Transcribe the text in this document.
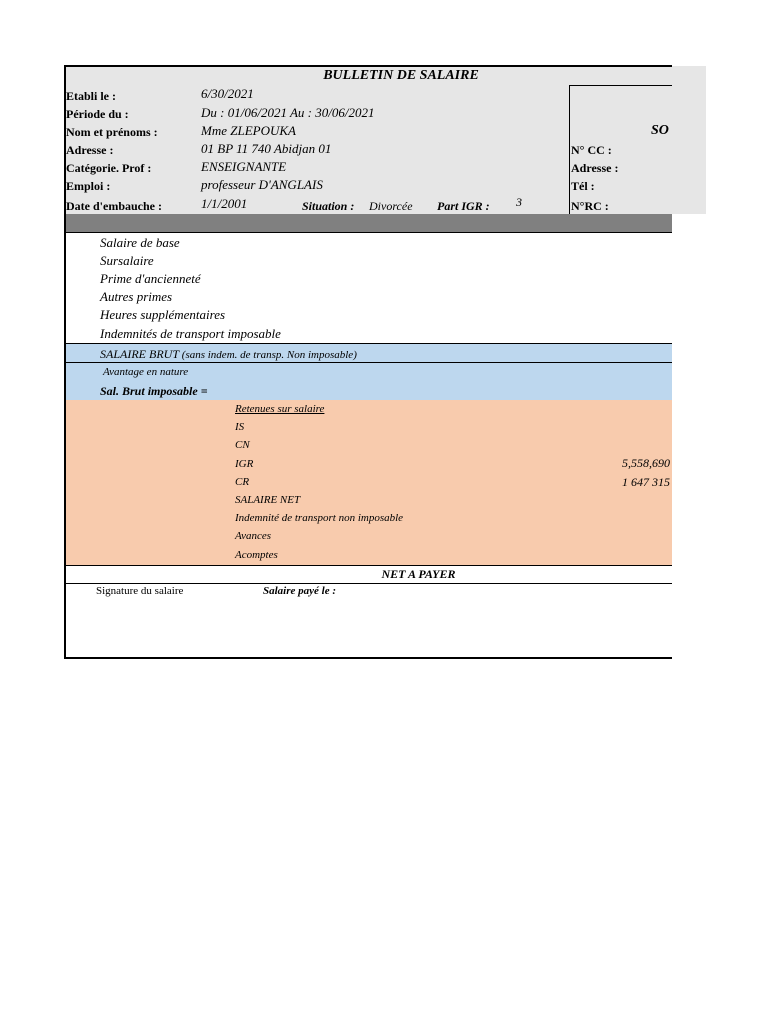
BULLETIN DE SALAIRE
SO
Etabli le :	6/30/2021
Période du :	Du : 01/06/2021 Au : 30/06/2021
Nom et prénoms :	Mme ZLEPOUKA
Adresse :	01 BP 11 740 Abidjan 01
Catégorie. Prof :	ENSEIGNANTE
Emploi :	professeur D'ANGLAIS
Date d'embauche :	1/1/2001	Situation : Divorcée Part IGR : 3
N° CC :
Adresse :
Tél :
N°RC :
Salaire de base
Sursalaire
Prime d'ancienneté
Autres primes
Heures supplémentaires
Indemnités de transport imposable
SALAIRE BRUT (sans indem. de transp. Non imposable)
Avantage en nature
Sal. Brut imposable =
Retenues sur salaire
IS
CN
IGR	5,558,690
CR	1 647 315
SALAIRE NET
Indemnité de transport non imposable
Avances
Acomptes
NET A PAYER
Signature du salaire	Salaire payé le :
